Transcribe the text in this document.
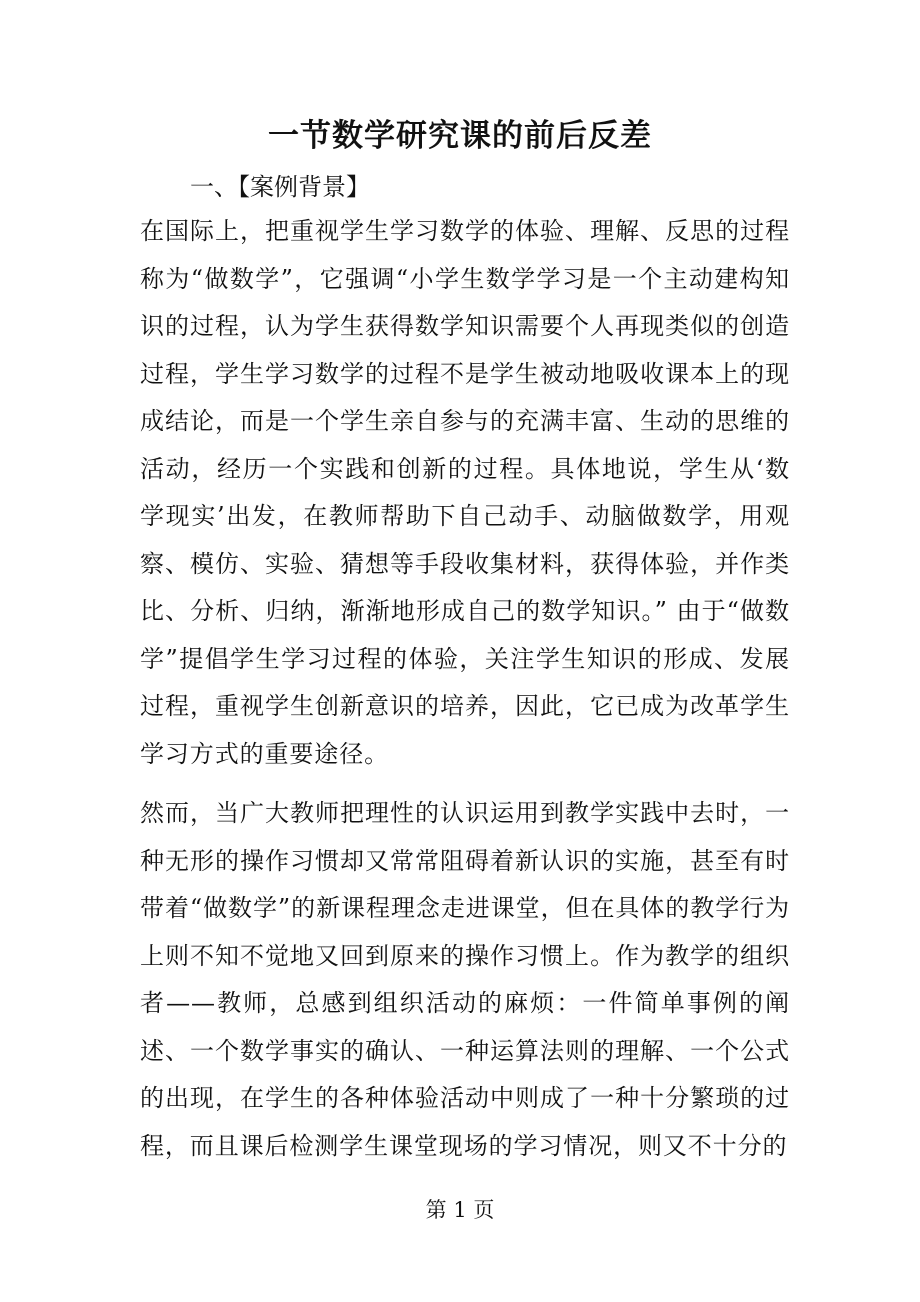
一节数学研究课的前后反差
一、【案例背景】
在国际上，把重视学生学习数学的体验、理解、反思的过程称为“做数学”，它强调“小学生数学学习是一个主动建构知识的过程，认为学生获得数学知识需要个人再现类似的创造过程，学生学习数学的过程不是学生被动地吸收课本上的现成结论，而是一个学生亲自参与的充满丰富、生动的思维的活动，经历一个实践和创新的过程。具体地说，学生从‘数学现实’出发，在教师帮助下自己动手、动脑做数学，用观察、模仿、实验、猜想等手段收集材料，获得体验，并作类比、分析、归纳，渐渐地形成自己的数学知识。” 由于“做数学”提倡学生学习过程的体验，关注学生知识的形成、发展过程，重视学生创新意识的培养，因此，它已成为改革学生学习方式的重要途径。
然而，当广大教师把理性的认识运用到教学实践中去时，一种无形的操作习惯却又常常阻碍着新认识的实施，甚至有时带着“做数学”的新课程理念走进课堂，但在具体的教学行为上则不知不觉地又回到原来的操作习惯上。作为教学的组织者——教师，总感到组织活动的麻烦：一件简单事例的阐述、一个数学事实的确认、一种运算法则的理解、一个公式的出现，在学生的各种体验活动中则成了一种十分繁琐的过程，而且课后检测学生课堂现场的学习情况，则又不十分的
第 1 页
